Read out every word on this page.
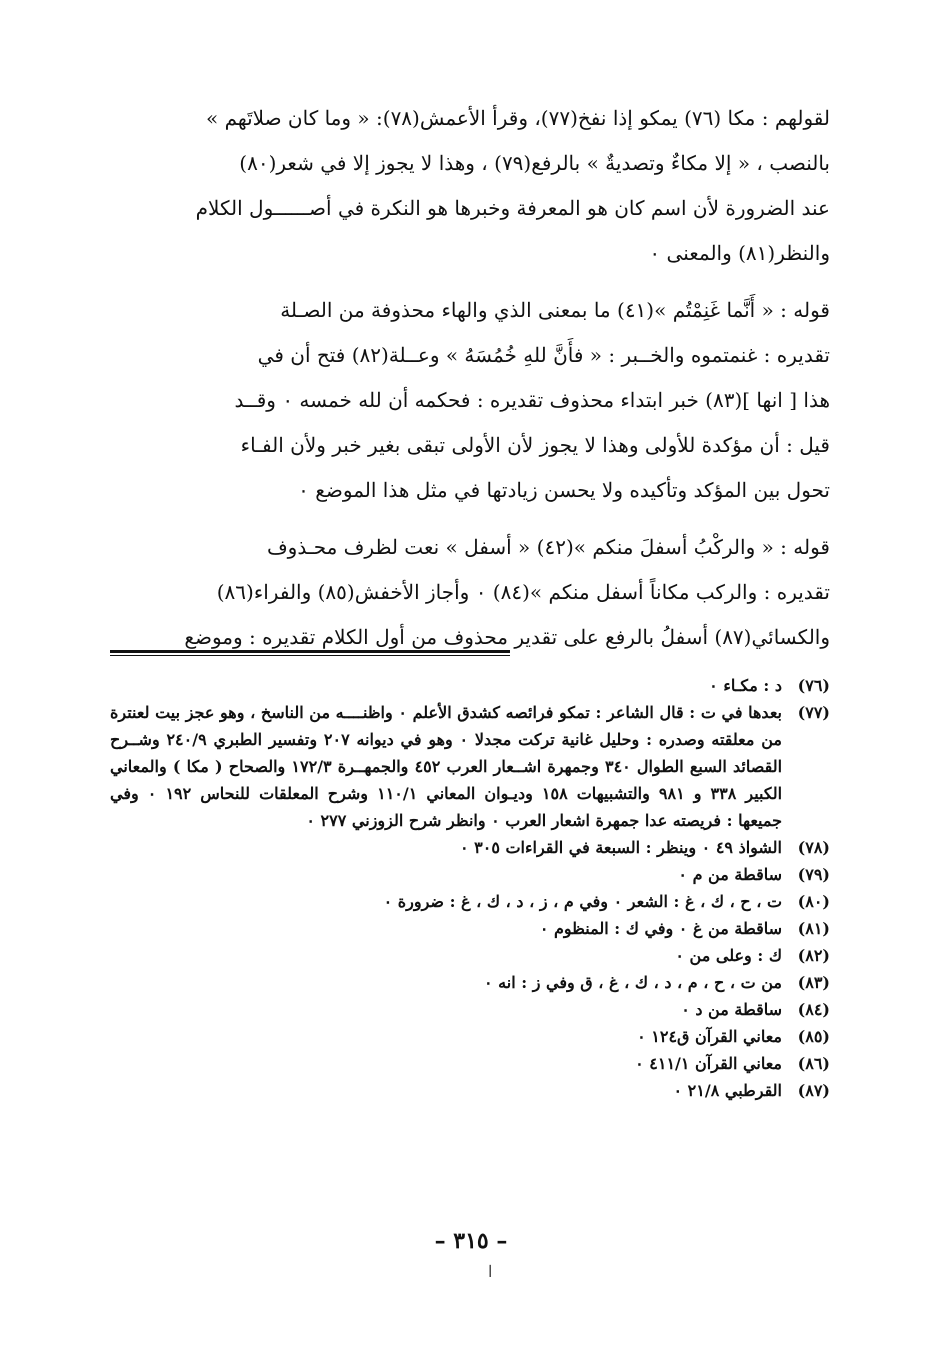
لقولهم : مكا (٧٦) يمكو إذا نفخ(٧٧)، وقرأ الأعمش(٧٨): « وما كان صلاتَهم »
بالنصب ، « إلا مكاءٌ وتصديةٌ » بالرفع(٧٩) ، وهذا لا يجوز إلا في شعر(٨٠)
عند الضرورة لأن اسم كان هو المعرفة وخبرها هو النكرة في أصــــــول الكلام
والنظر(٨١) والمعنى ٠

قوله : « أَنَّما غَنِمْتُم »(٤١) ما بمعنى الذي والهاء محذوفة من الصـلة
تقديره : غنمتموه والخــبر : « فأَنَّ للهِ خُمُسَهُ » وعــلة(٨٢) فتح أن في
هذا [ انها ](٨٣) خبر ابتداء محذوف تقديره : فحكمه أن لله خمسه ٠ وقــد
قيل : أن مؤكدة للأولى وهذا لا يجوز لأن الأولى تبقى بغير خبر ولأن الفـاء
تحول بين المؤكد وتأكيده ولا يحسن زيادتها في مثل هذا الموضع ٠

قوله : « والركْبُ أسفلَ منكم »(٤٢) « أسفل » نعت لظرف محـذوف
تقديره : والركب مكاناً أسفل منكم »(٨٤) ٠ وأجاز الأخفش(٨٥) والفراء(٨٦)
والكسائي(٨٧) أسفلُ بالرفع على تقدير محذوف من أول الكلام تقديره : وموضع

(٧٦)
د : مكـاء ٠
(٧٧)
بعدها في ت : قال الشاعر : تمكو فرائصه كشدق الأعلم ٠ واظنــــه من الناسخ ، وهو عجز بيت لعنترة من معلقته وصدره : وحليل غانية تركت مجدلا ٠ وهو في ديوانه ٢٠٧ وتفسير الطبري ٢٤٠/٩ وشــرح القصائد السبع الطوال ٣٤٠ وجمهرة اشــعار العرب ٤٥٢ والجمهــرة ١٧٢/٣ والصحاح ( مكا ) والمعاني الكبير ٣٣٨ و ٩٨١ والتشبيهات ١٥٨ وديـوان المعاني ١١٠/١ وشرح المعلقات للنحاس ١٩٢ ٠ وفي جميعها : فريصته عدا جمهرة اشعار العرب ٠ وانظر شرح الزوزني ٢٧٧ ٠
(٧٨)
الشواذ ٤٩ ٠ وينظر : السبعة في القراءات ٣٠٥ ٠
(٧٩)
ساقطة من م ٠
(٨٠)
ت ، ح ، ك ، غ : الشعر ٠ وفي م ، ز ، د ، ك ، غ : ضرورة ٠
(٨١)
ساقطة من غ ٠ وفي ك : المنظوم ٠
(٨٢)
ك : وعلى من ٠
(٨٣)
من ت ، ح ، م ، د ، ك ، غ ، ق وفي ز : انه ٠
(٨٤)
ساقطة من د ٠
(٨٥)
معاني القرآن ق١٢٤ ٠
(٨٦)
معاني القرآن ٤١١/١ ٠
(٨٧)
القرطبي ٢١/٨ ٠
– ٣١٥ –
ا
